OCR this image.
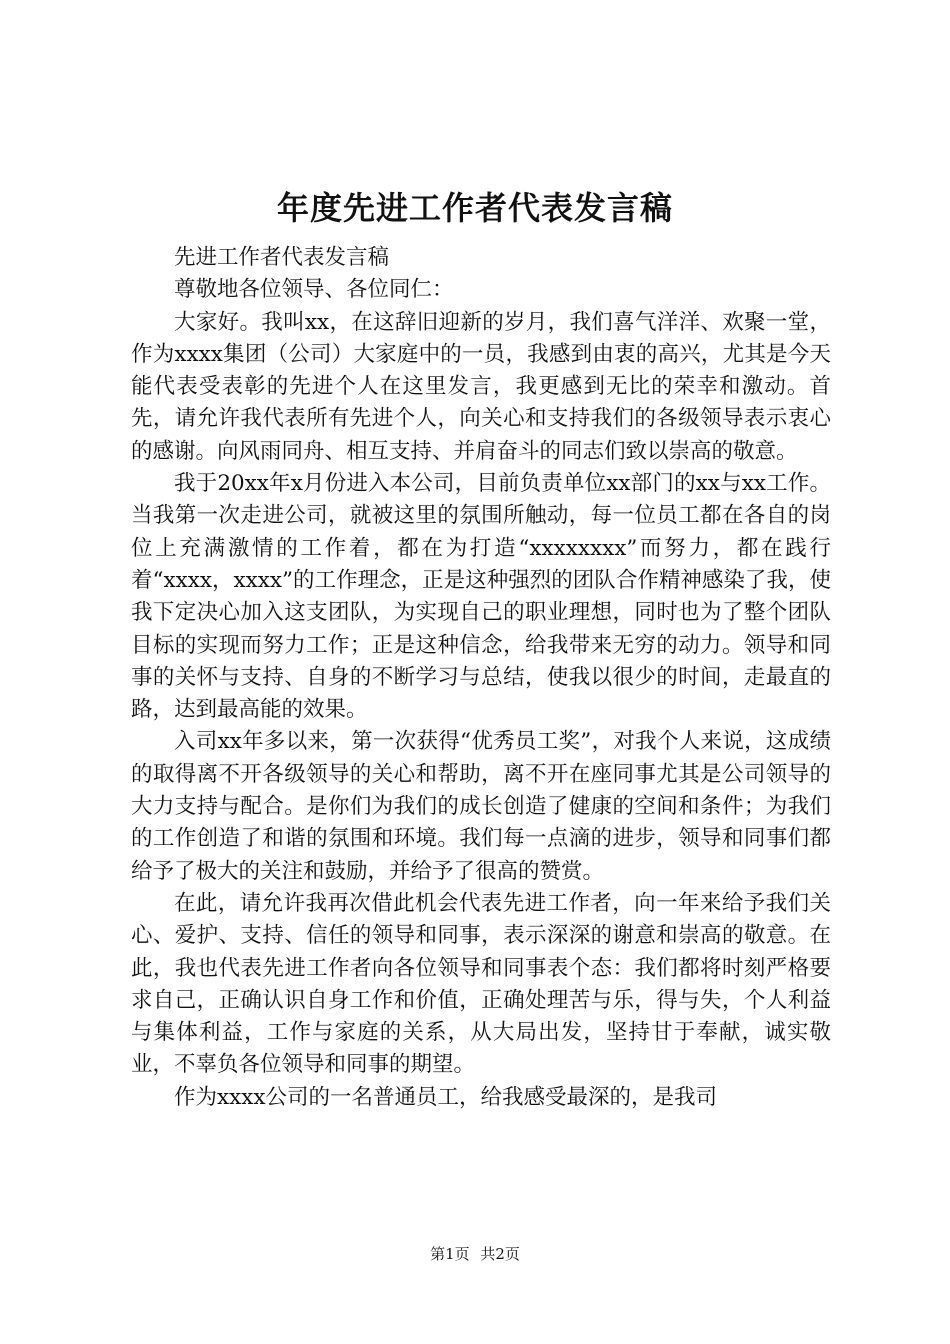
年度先进工作者代表发言稿

先进工作者代表发言稿

尊敬地各位领导、各位同仁：

大家好。我叫xx，在这辞旧迎新的岁月，我们喜气洋洋、欢聚一堂，作为xxxx集团（公司）大家庭中的一员，我感到由衷的高兴，尤其是今天能代表受表彰的先进个人在这里发言，我更感到无比的荣幸和激动。首先，请允许我代表所有先进个人，向关心和支持我们的各级领导表示衷心的感谢。向风雨同舟、相互支持、并肩奋斗的同志们致以崇高的敬意。

我于20xx年x月份进入本公司，目前负责单位xx部门的xx与xx工作。当我第一次走进公司，就被这里的氛围所触动，每一位员工都在各自的岗位上充满激情的工作着，都在为打造“xxxxxxxx”而努力，都在践行着“xxxx，xxxx”的工作理念，正是这种强烈的团队合作精神感染了我，使我下定决心加入这支团队，为实现自己的职业理想，同时也为了整个团队目标的实现而努力工作；正是这种信念，给我带来无穷的动力。领导和同事的关怀与支持、自身的不断学习与总结，使我以很少的时间，走最直的路，达到最高能的效果。

入司xx年多以来，第一次获得“优秀员工奖”，对我个人来说，这成绩的取得离不开各级领导的关心和帮助，离不开在座同事尤其是公司领导的大力支持与配合。是你们为我们的成长创造了健康的空间和条件；为我们的工作创造了和谐的氛围和环境。我们每一点滴的进步，领导和同事们都给予了极大的关注和鼓励，并给予了很高的赞赏。

在此，请允许我再次借此机会代表先进工作者，向一年来给予我们关心、爱护、支持、信任的领导和同事，表示深深的谢意和崇高的敬意。在此，我也代表先进工作者向各位领导和同事表个态：我们都将时刻严格要求自己，正确认识自身工作和价值，正确处理苦与乐，得与失，个人利益与集体利益，工作与家庭的关系，从大局出发，坚持甘于奉献，诚实敬业，不辜负各位领导和同事的期望。

作为xxxx公司的一名普通员工，给我感受最深的，是我司

第1页 共2页
